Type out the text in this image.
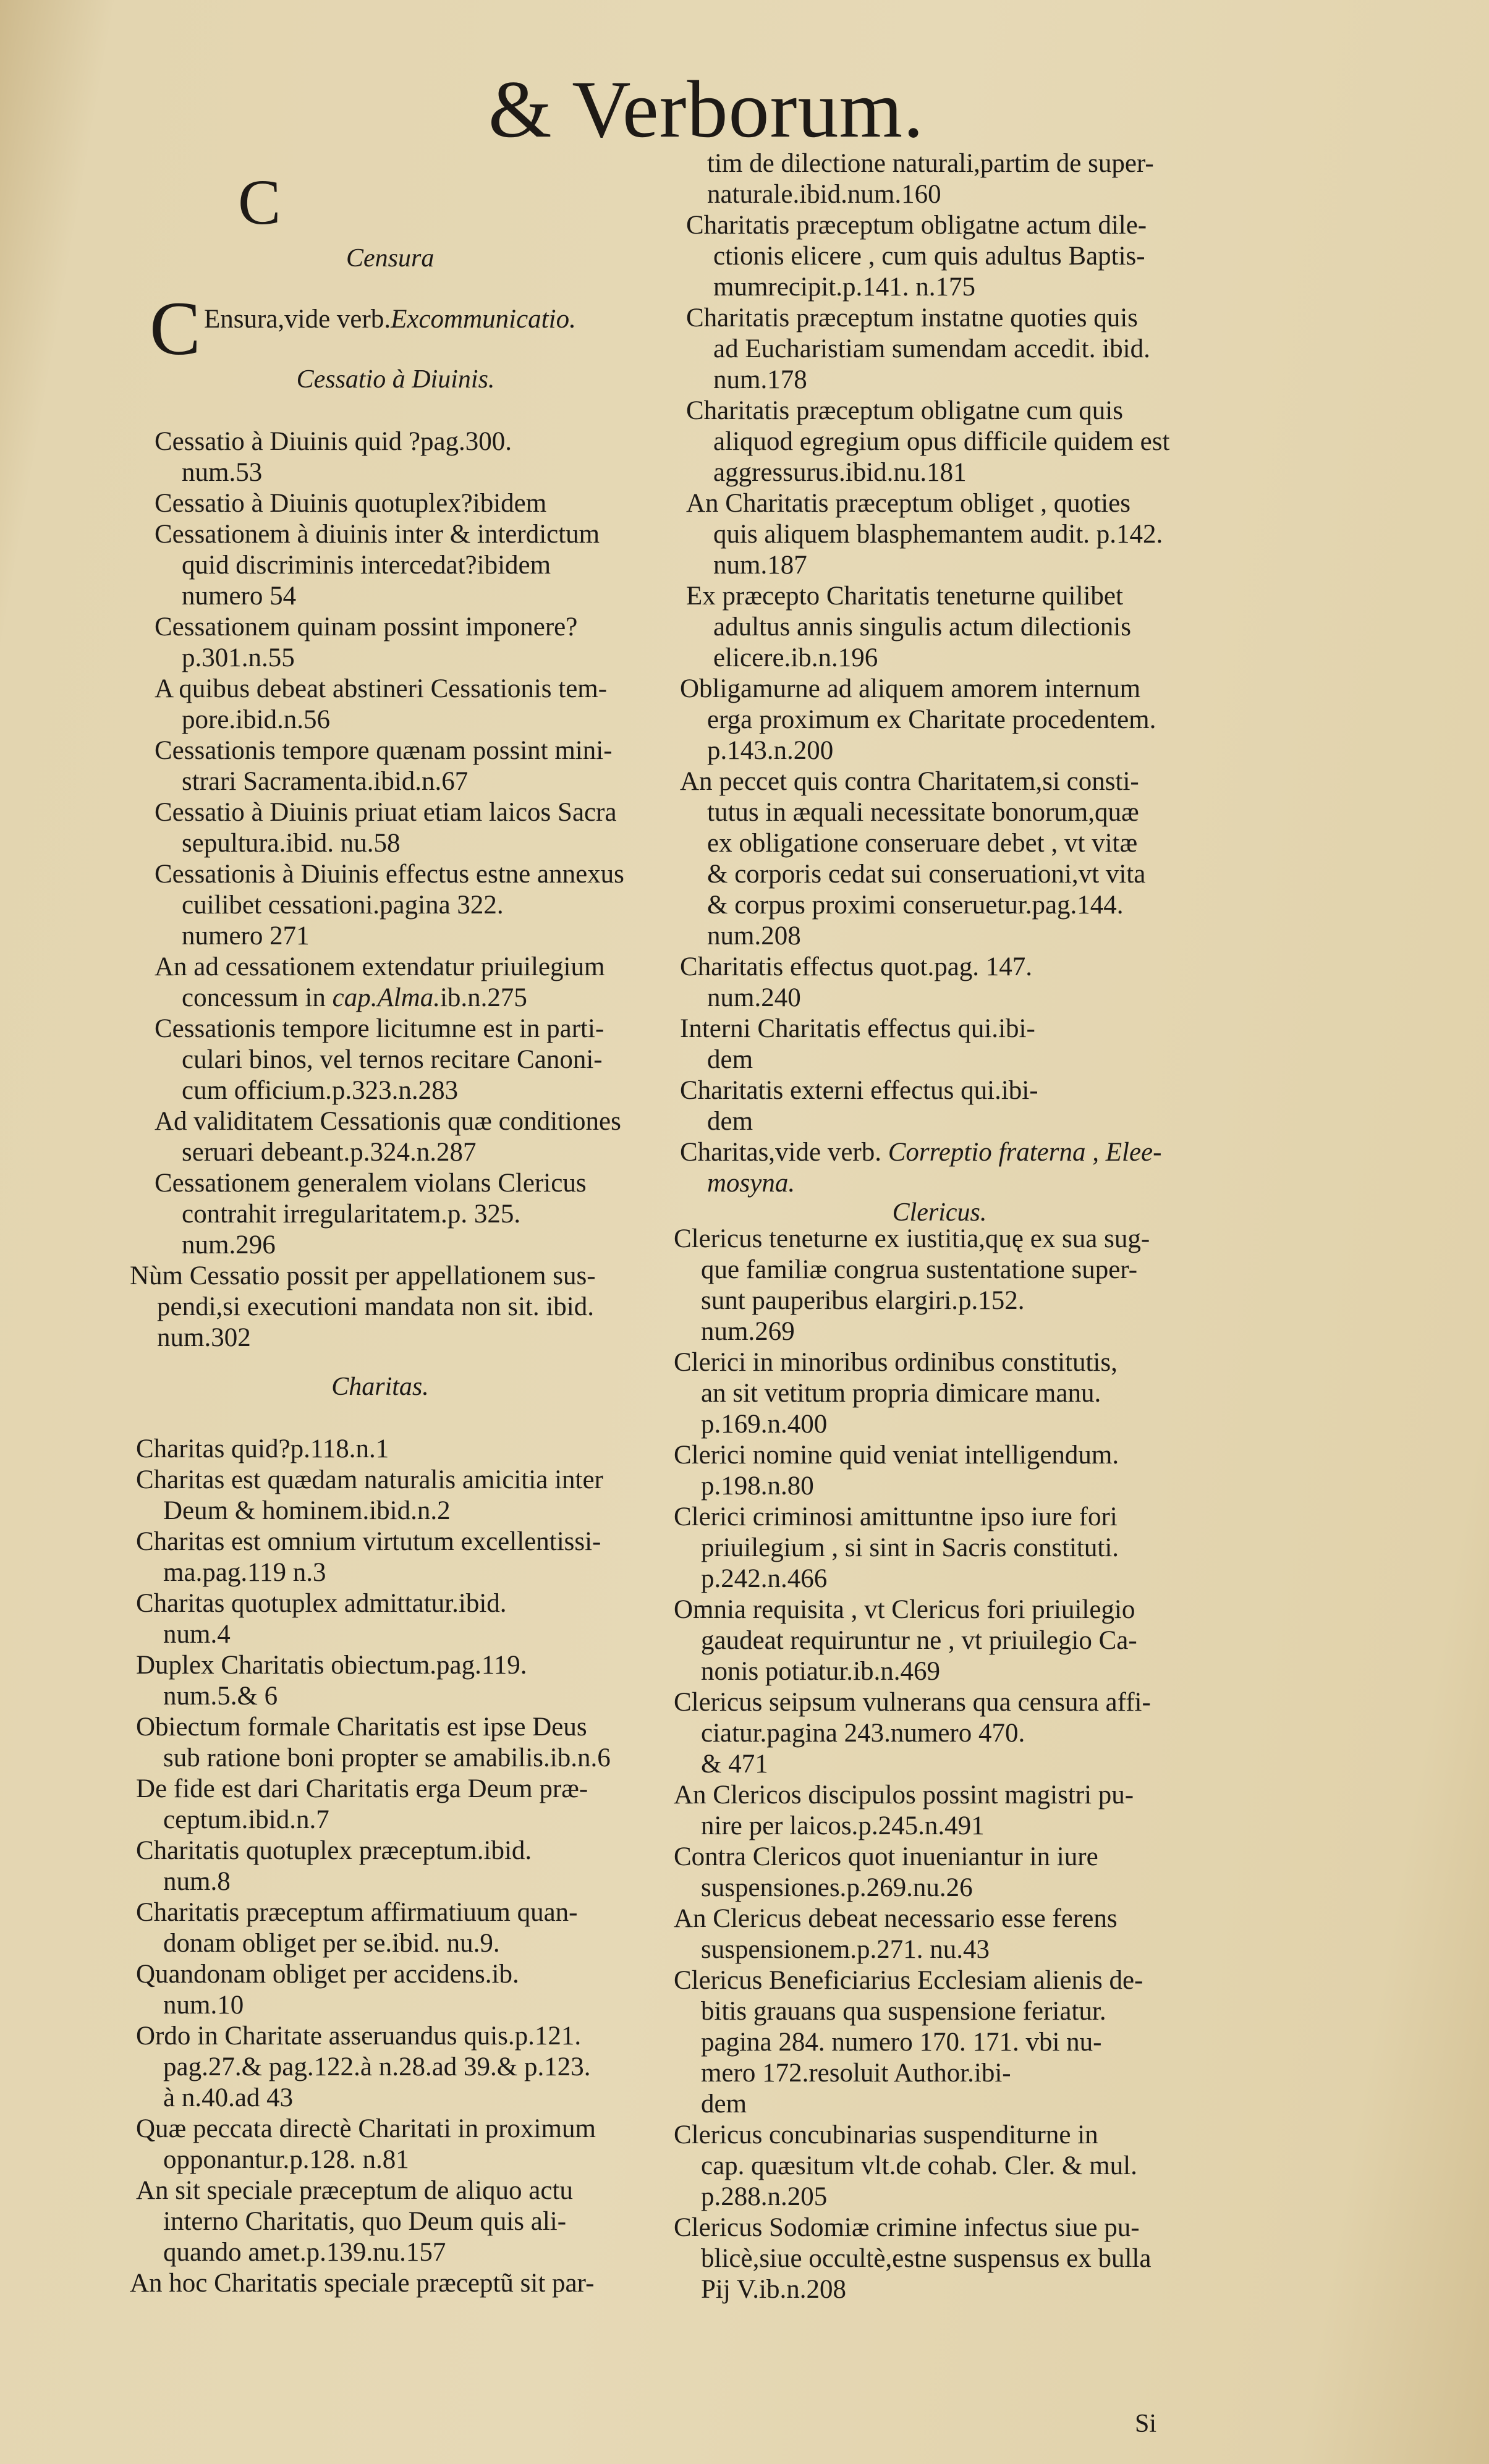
& Verborum.
C
Censura
C Ensura,vide verb.Excommunicatio.
Cessatio à Diuinis.
Cessatio à Diuinis quid ?pag.300.
num.53
Cessatio à Diuinis quotuplex?ibidem
Cessationem à diuinis inter & interdictum
quid discriminis intercedat?ibidem
numero 54
Cessationem quinam possint imponere?
p.301.n.55
A quibus debeat abstineri Cessationis tem-
pore.ibid.n.56
Cessationis tempore quænam possint mini-
strari Sacramenta.ibid.n.67
Cessatio à Diuinis priuat etiam laicos Sacra
sepultura.ibid. nu.58
Cessationis à Diuinis effectus estne annexus
cuilibet cessationi.pagina 322.
numero 271
An ad cessationem extendatur priuilegium
concessum in cap.Alma.ib.n.275
Cessationis tempore licitumne est in parti-
culari binos, vel ternos recitare Canoni-
cum officium.p.323.n.283
Ad validitatem Cessationis quæ conditiones
seruari debeant.p.324.n.287
Cessationem generalem violans Clericus
contrahit irregularitatem.p. 325.
num.296
Nùm Cessatio possit per appellationem sus-
pendi,si executioni mandata non sit. ibid.
num.302
Charitas.
Charitas quid?p.118.n.1
Charitas est quædam naturalis amicitia inter
Deum & hominem.ibid.n.2
Charitas est omnium virtutum excellentissi-
ma.pag.119 n.3
Charitas quotuplex admittatur.ibid.
num.4
Duplex Charitatis obiectum.pag.119.
num.5.& 6
Obiectum formale Charitatis est ipse Deus
sub ratione boni propter se amabilis.ib.n.6
De fide est dari Charitatis erga Deum præ-
ceptum.ibid.n.7
Charitatis quotuplex præceptum.ibid.
num.8
Charitatis præceptum affirmatiuum quan-
donam obliget per se.ibid. nu.9.
Quandonam obliget per accidens.ib.
num.10
Ordo in Charitate asseruandus quis.p.121.
pag.27.& pag.122.à n.28.ad 39.& p.123.
à n.40.ad 43
Quæ peccata directè Charitati in proximum
opponantur.p.128. n.81
An sit speciale præceptum de aliquo actu
interno Charitatis, quo Deum quis ali-
quando amet.p.139.nu.157
An hoc Charitatis speciale præceptũ sit par-
tim de dilectione naturali,partim de super-
naturale.ibid.num.160
Charitatis præceptum obligatne actum dile-
ctionis elicere , cum quis adultus Baptis-
mumrecipit.p.141. n.175
Charitatis præceptum instatne quoties quis
ad Eucharistiam sumendam accedit. ibid.
num.178
Charitatis præceptum obligatne cum quis
aliquod egregium opus difficile quidem est
aggressurus.ibid.nu.181
An Charitatis præceptum obliget , quoties
quis aliquem blasphemantem audit. p.142.
num.187
Ex præcepto Charitatis teneturne quilibet
adultus annis singulis actum dilectionis
elicere.ib.n.196
Obligamurne ad aliquem amorem internum
erga proximum ex Charitate procedentem.
p.143.n.200
An peccet quis contra Charitatem,si consti-
tutus in æquali necessitate bonorum,quæ
ex obligatione conseruare debet , vt vitæ
& corporis cedat sui conseruationi,vt vita
& corpus proximi conseruetur.pag.144.
num.208
Charitatis effectus quot.pag. 147.
num.240
Interni Charitatis effectus qui.ibi-
dem
Charitatis externi effectus qui.ibi-
dem
Charitas,vide verb. Correptio fraterna , Elee-
mosyna.
Clericus.
Clericus teneturne ex iustitia,quę ex sua sug-
que familiæ congrua sustentatione super-
sunt pauperibus elargiri.p.152.
num.269
Clerici in minoribus ordinibus constitutis,
an sit vetitum propria dimicare manu.
p.169.n.400
Clerici nomine quid veniat intelligendum.
p.198.n.80
Clerici criminosi amittuntne ipso iure fori
priuilegium , si sint in Sacris constituti.
p.242.n.466
Omnia requisita , vt Clericus fori priuilegio
gaudeat requiruntur ne , vt priuilegio Ca-
nonis potiatur.ib.n.469
Clericus seipsum vulnerans qua censura affi-
ciatur.pagina 243.numero 470.
& 471
An Clericos discipulos possint magistri pu-
nire per laicos.p.245.n.491
Contra Clericos quot inueniantur in iure
suspensiones.p.269.nu.26
An Clericus debeat necessario esse ferens
suspensionem.p.271. nu.43
Clericus Beneficiarius Ecclesiam alienis de-
bitis grauans qua suspensione feriatur.
pagina 284. numero 170. 171. vbi nu-
mero 172.resoluit Author.ibi-
dem
Clericus concubinarias suspenditurne in
cap. quæsitum vlt.de cohab. Cler. & mul.
p.288.n.205
Clericus Sodomiæ crimine infectus siue pu-
blicè,siue occultè,estne suspensus ex bulla
Pij V.ib.n.208
Si
